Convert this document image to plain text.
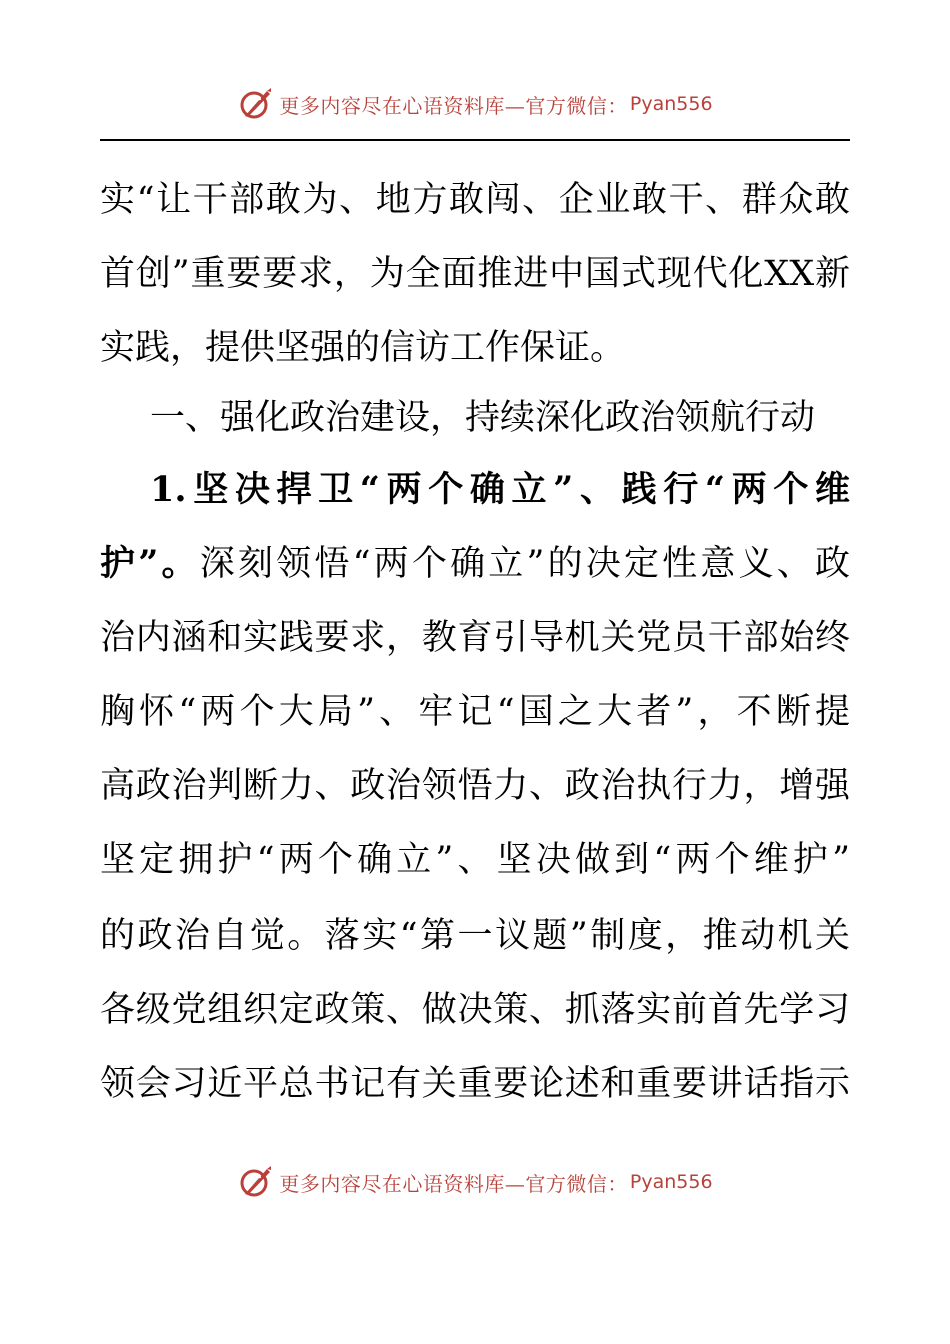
更多内容尽在心语资料库 —官方微信： Pyan556
实“让干部敢为、地方敢闯、企业敢干、群众敢
首创”重要要求，为全面推进中国式现代化XX新
实践，提供坚强的信访工作保证。
一、强化政治建设，持续深化政治领航行动
1.坚决捍卫“两个确立”、践行“两个维
护”。深刻领悟“两个确立”的决定性意义、政
治内涵和实践要求，教育引导机关党员干部始终
胸怀“两个大局”、牢记“国之大者”，不断提
高政治判断力、政治领悟力、政治执行力，增强
坚定拥护“两个确立”、坚决做到“两个维护”
的政治自觉。落实“第一议题”制度，推动机关
各级党组织定政策、做决策、抓落实前首先学习
领会习近平总书记有关重要论述和重要讲话指示
更多内容尽在心语资料库 —官方微信： Pyan556
